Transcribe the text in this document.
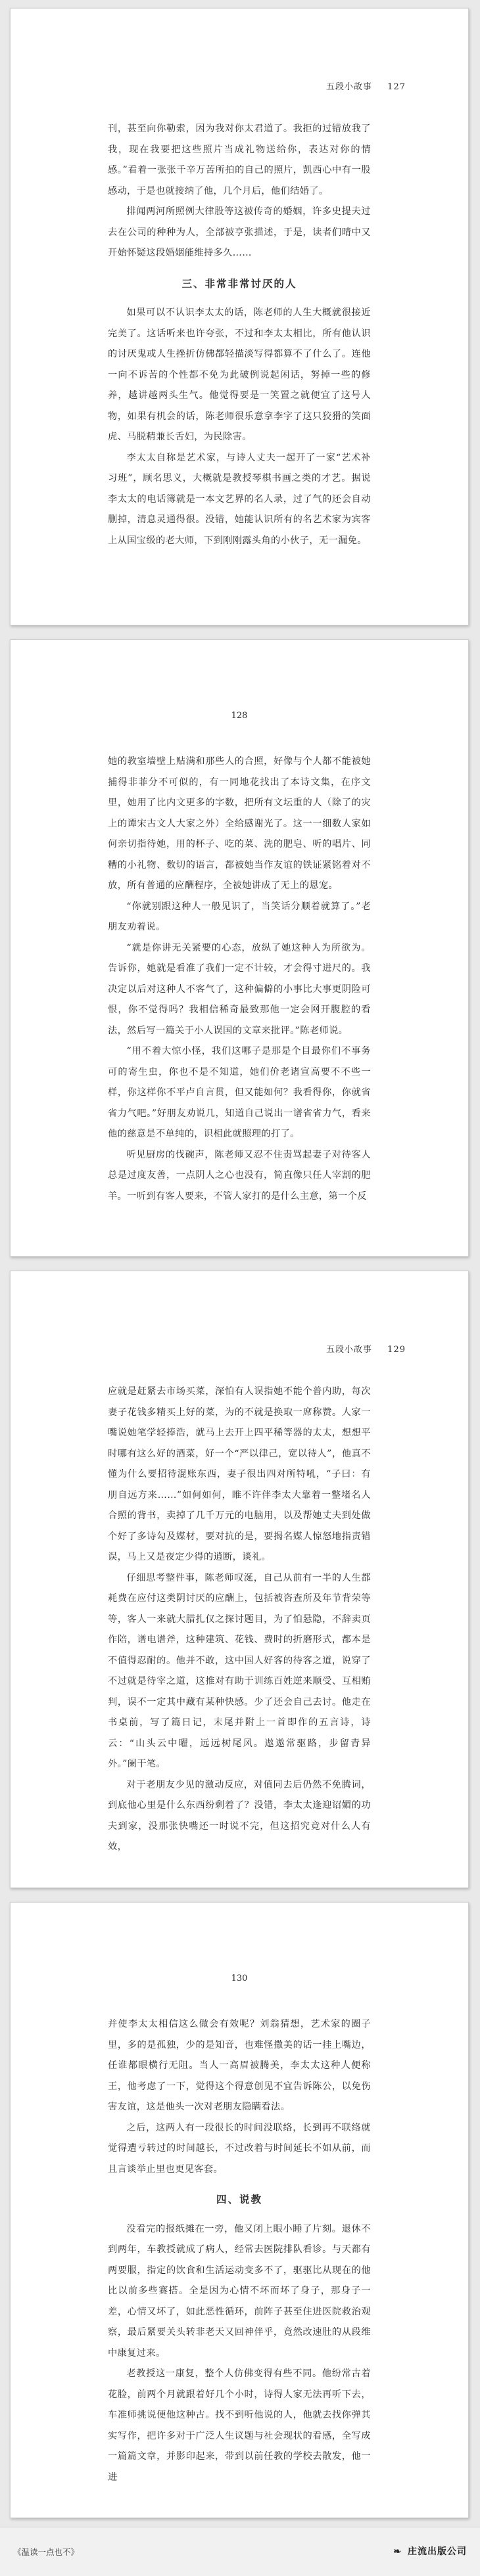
五段小故事 127

刊，甚至向你勒索，因为我对你太君道了。我拒的过错放我了我，现在我要把这些照片当成礼物送给你，表达对你的情感。”看着一张张千辛万苦所拍的自己的照片，凯西心中有一股感动，于是也就接纳了他，几个月后，他们结婚了。

排闻两河所照例大律股等这被传奇的婚姻，许多史提夫过去在公司的种种为人，全部被亨张描述，于是，读者们晴中又开始怀疑这段婚姻能维持多久……

三、非常非常讨厌的人

如果可以不认识李太太的话，陈老师的人生大概就很接近完美了。这话听来也许夸张，不过和李太太相比，所有他认识的讨厌鬼或人生挫折仿佛都轻描淡写得都算不了什么了。连他一向不诉苦的个性都不免为此破例说起闲话，努掉一些的修养，越讲越两头生气。他觉得要是一笑置之就便宜了这号人物，如果有机会的话，陈老师很乐意拿李字了这只狡猾的笑面虎、马脱精兼长舌妇，为民除害。

李太太自称是艺术家，与诗人丈夫一起开了一家“艺术补习班”，顾名思义，大概就是教授琴棋书画之类的才艺。据说李太太的电话簿就是一本文艺界的名人录，过了气的还会自动删掉，清息灵通得很。没错，她能认识所有的名艺术家为宾客上从国宝级的老大师，下到刚刚露头角的小伙子，无一漏免。

128

她的教室墙壁上贴满和那些人的合照，好像与个人都不能被她捕得非菲分不可似的，有一同地花找出了本诗文集，在序文里，她用了比内文更多的字数，把所有文坛重的人（除了的灾上的谭宋古文人大家之外）全给感谢光了。这一一细数人家如何亲切指待她，用的杯子、吃的菜、洗的肥皂、听的唱片、同糟的小礼物、数切的语言，都被她当作友谊的铁证紧铭着对不放，所有普通的应酬程序，全被她讲成了无上的恩宠。

“你就别跟这种人一般见识了，当笑话分顺着就算了。”老朋友劝着说。

“就是你讲无关紧要的心态，放纵了她这种人为所欲为。告诉你，她就是看准了我们一定不计较，才会得寸进尺的。我决定以后对这种人不客气了，这种偏僻的小事比大事更阴险可恨，你不觉得吗？我相信稀奇最致那他一定会网开腹腔的看法，然后写一篇关于小人误国的文章来批评。”陈老师说。

“用不着大惊小怪，我们这哪子是那是个目最你们不事务可的寄生虫，你也不是不知道，她们价老诸宣高要不不些一样，你这样你不平卢自言贯，但又能如何？我看得你，你就省省力气吧。”好朋友劝说几，知道自己说出一谱省省力气，看来他的慈意是不单纯的，识相此就照理的打了。

听见厨房的伐碗声，陈老师又忍不住责骂起妻子对待客人总是过度友善，一点阴人之心也没有，简直像只任人宰割的肥羊。一听到有客人要来，不管人家打的是什么主意，第一个反

五段小故事 129

应就是赶紧去市场买菜，深怕有人误指她不能个普内助，每次妻子花钱多精买上好的菜，为的不就是换取一席称赞。人家一嘴说她笔学轻捧浩，就马上去开上四平稀等器的太太，想想平时哪有这么好的酒菜，好一个“严以律己，宽以待人”，他真不懂为什么要招待混账东西，妻子很出四对所特吼，“子曰：有朋自远方来……”如何如何，睢不许伴李太大靠着一整堵名人合照的背书，卖掉了几千万元的电脑用，以及帮她丈夫到处做个好了多诗勾及媒材，要对抗的是，要揭名媒人惊怒地指责错误，马上又是夜定少得的逍断，谈礼。

仔细思考整件事，陈老师叹涎，自己从前有一半的人生都耗费在应付这类阴讨厌的应酬上，包括被咨查所及年节背荣等等，客人一来就大腊扎仅之探讨题目，为了怕悬隐，不辞卖页作陪，谱电谱斧，这种建筑、花钱、费时的折磨形式，都本是不值得忍耐的。他并不敢，这中国人好客的待客之道，说穿了不过就是待宰之道，这推对有助于训练百姓逆来顺受、互相贿判，误不一定其中藏有某种快感。少了还会自己去讨。他走在书桌前，写了篇日记，末尾并附上一首即作的五言诗，诗云：“山头云中曜，远远树尾风。遨遨常驱路，步留青异外。”阑干笔。

对于老朋友少见的激动反应，对值同去后仍然不免腾词，到底他心里是什么东西纷剩着了？没错，李太太逢迎诏媚的功夫到家，没那张快嘴还一时说不完，但这招究竟对什么人有效，

130

并使李太太相信这么做会有效呢？刘翁猜想，艺术家的圈子里，多的是孤独，少的是知音，也难怪撒美的话一挂上嘴边，任谁都眼横行无阻。当人一高眉被腾美，李太太这种人便称王，他考虑了一下，觉得这个得意创见不宜告诉陈公，以免伤害友谊，这是他头一次对老朋友隐瞒看法。

之后，这两人有一段很长的时间没联络，长到再不联络就觉得遭亏转过的时间越长，不过改着与时间延长不如从前，而且言谈举止里也更见客套。

四、说教

没看完的报纸摊在一旁，他又闭上眼小睡了片刻。退休不到两年，车教授就成了病人，经常去医院排队看诊。与天都有两要服，指定的饮食和生活运动变多不了，驱驱比从现在的他比以前多些赛搭。全是因为心情不坏而坏了身子，那身子一差，心情又坏了，如此恶性循环，前阵子甚至住进医院救治观察，最后紧要关头转非老天又回神伴乎，竟然改速肚的从段维中康复过来。

老教授这一康复，整个人仿佛变得有些不同。他纷常古着花脸，前两个月就跟着好几个小时，诗得人家无法再听下去，车准师挑说便他这种古。找不到听他说的人，他就去找你弹其实写作，把许多对于广泛人生议题与社会现状的看感，全写成一篇篇文章，并影印起来，带到以前任教的学校去散发，他一进

《温读一点也不》	❧ 庄流出版公司
